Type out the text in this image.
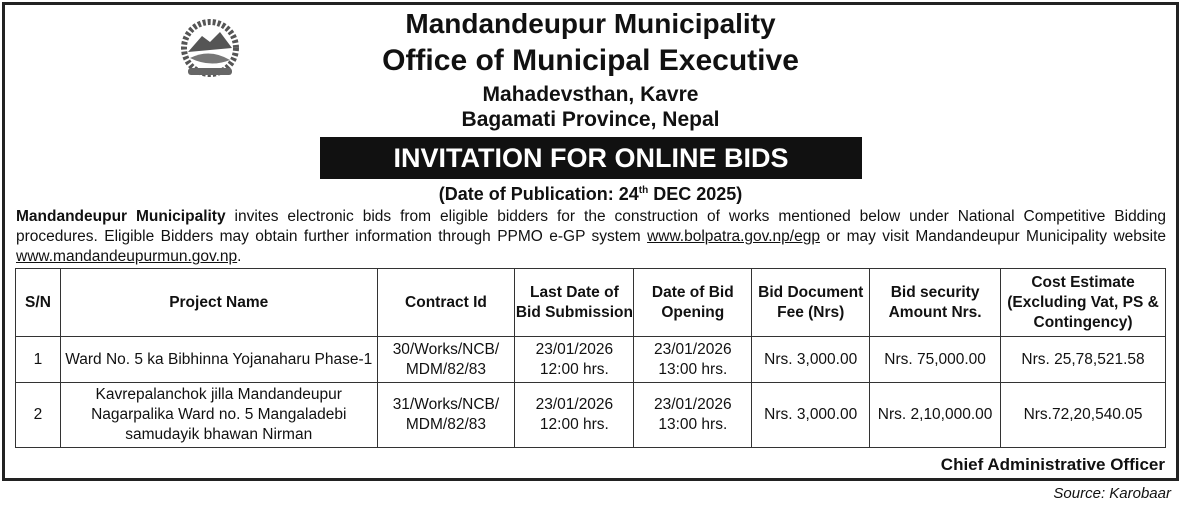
Mandandeupur Municipality
Office of Municipal Executive
Mahadevsthan, Kavre
Bagamati Province, Nepal
INVITATION FOR ONLINE BIDS
(Date of Publication: 24th DEC 2025)
Mandandeupur Municipality invites electronic bids from eligible bidders for the construction of works mentioned below under National Competitive Bidding procedures. Eligible Bidders may obtain further information through PPMO e-GP system www.bolpatra.gov.np/egp or may visit Mandandeupur Municipality website www.mandandeupurmun.gov.np.
S/N	Project Name	Contract Id	Last Date of Bid Submission	Date of Bid Opening	Bid Document Fee (Nrs)	Bid security Amount Nrs.	Cost Estimate (Excluding Vat, PS & Contingency)
1	Ward No. 5 ka Bibhinna Yojanaharu Phase-1	30/Works/NCB/ MDM/82/83	23/01/2026 12:00 hrs.	23/01/2026 13:00 hrs.	Nrs. 3,000.00	Nrs. 75,000.00	Nrs. 25,78,521.58
2	Kavrepalanchok jilla Mandandeupur Nagarpalika Ward no. 5 Mangaladebi samudayik bhawan Nirman	31/Works/NCB/ MDM/82/83	23/01/2026 12:00 hrs.	23/01/2026 13:00 hrs.	Nrs. 3,000.00	Nrs. 2,10,000.00	Nrs.72,20,540.05
Chief Administrative Officer
Source: Karobaar
